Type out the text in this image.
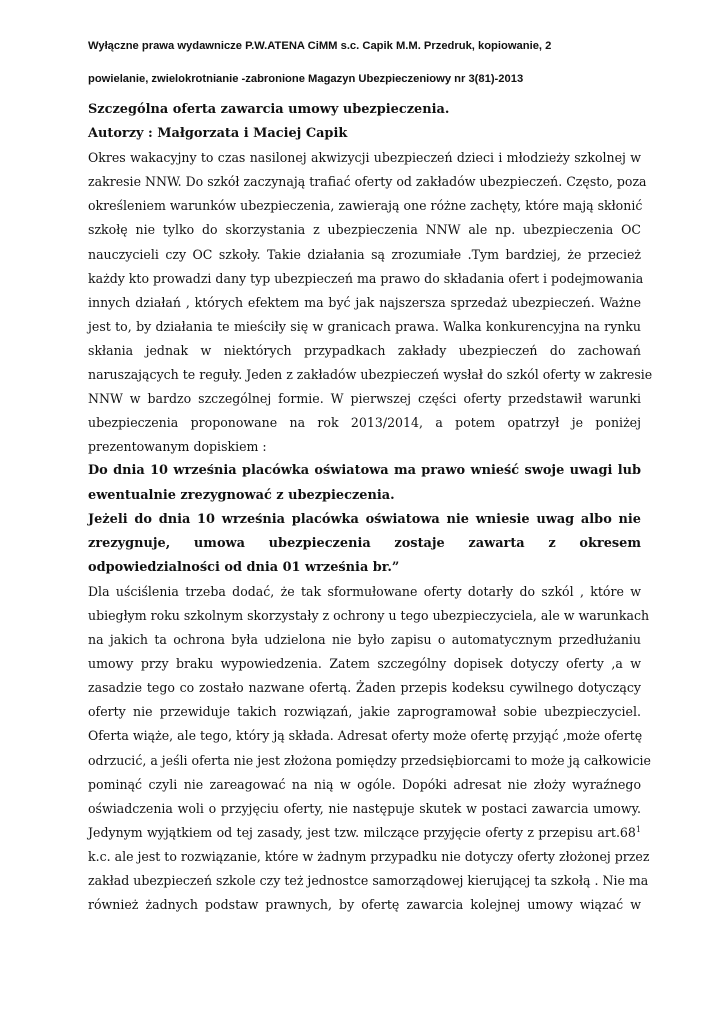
Wyłączne prawa wydawnicze P.W.ATENA CiMM s.c. Capik M.M. Przedruk, kopiowanie, 2
powielanie, zwielokrotnianie -zabronione Magazyn Ubezpieczeniowy nr 3(81)-2013
Szczególna oferta zawarcia umowy ubezpieczenia.
Autorzy : Małgorzata i Maciej Capik
Okres wakacyjny to czas nasilonej akwizycji ubezpieczeń dzieci i młodzieży szkolnej w
zakresie NNW. Do szkół zaczynają trafiać oferty od zakładów ubezpieczeń. Często, poza
określeniem warunków ubezpieczenia, zawierają one różne zachęty, które mają skłonić
szkołę nie tylko do skorzystania z ubezpieczenia NNW ale np. ubezpieczenia OC
nauczycieli czy OC szkoły. Takie działania są zrozumiałe .Tym bardziej, że przecież
każdy kto prowadzi dany typ ubezpieczeń ma prawo do składania ofert i podejmowania
innych działań , których efektem ma być jak najszersza sprzedaż ubezpieczeń. Ważne
jest to, by działania te mieściły się w granicach prawa. Walka konkurencyjna na rynku
skłania jednak w niektórych przypadkach zakłady ubezpieczeń do zachowań
naruszających te reguły. Jeden z zakładów ubezpieczeń wysłał do szkól oferty w zakresie
NNW w bardzo szczególnej formie. W pierwszej części oferty przedstawił warunki
ubezpieczenia proponowane na rok 2013/2014, a potem opatrzył je poniżej
prezentowanym dopiskiem :
Do dnia 10 września placówka oświatowa ma prawo wnieść swoje uwagi lub
ewentualnie zrezygnować z ubezpieczenia.
Jeżeli do dnia 10 września placówka oświatowa nie wniesie uwag albo nie
zrezygnuje, umowa ubezpieczenia zostaje zawarta z okresem
odpowiedzialności od dnia 01 września br.”
Dla uściślenia trzeba dodać, że tak sformułowane oferty dotarły do szkól , które w
ubiegłym roku szkolnym skorzystały z ochrony u tego ubezpieczyciela, ale w warunkach
na jakich ta ochrona była udzielona nie było zapisu o automatycznym przedłużaniu
umowy przy braku wypowiedzenia. Zatem szczególny dopisek dotyczy oferty ,a w
zasadzie tego co zostało nazwane ofertą. Żaden przepis kodeksu cywilnego dotyczący
oferty nie przewiduje takich rozwiązań, jakie zaprogramował sobie ubezpieczyciel.
Oferta wiąże, ale tego, który ją składa. Adresat oferty może ofertę przyjąć ,może ofertę
odrzucić, a jeśli oferta nie jest złożona pomiędzy przedsiębiorcami to może ją całkowicie
pominąć czyli nie zareagować na nią w ogóle. Dopóki adresat nie złoży wyraźnego
oświadczenia woli o przyjęciu oferty, nie następuje skutek w postaci zawarcia umowy.
Jedynym wyjątkiem od tej zasady, jest tzw. milczące przyjęcie oferty z przepisu $art.68^1$
k.c. ale jest to rozwiązanie, które w żadnym przypadku nie dotyczy oferty złożonej przez
zakład ubezpieczeń szkole czy też jednostce samorządowej kierującej ta szkołą . Nie ma
również żadnych podstaw prawnych, by ofertę zawarcia kolejnej umowy wiązać w
